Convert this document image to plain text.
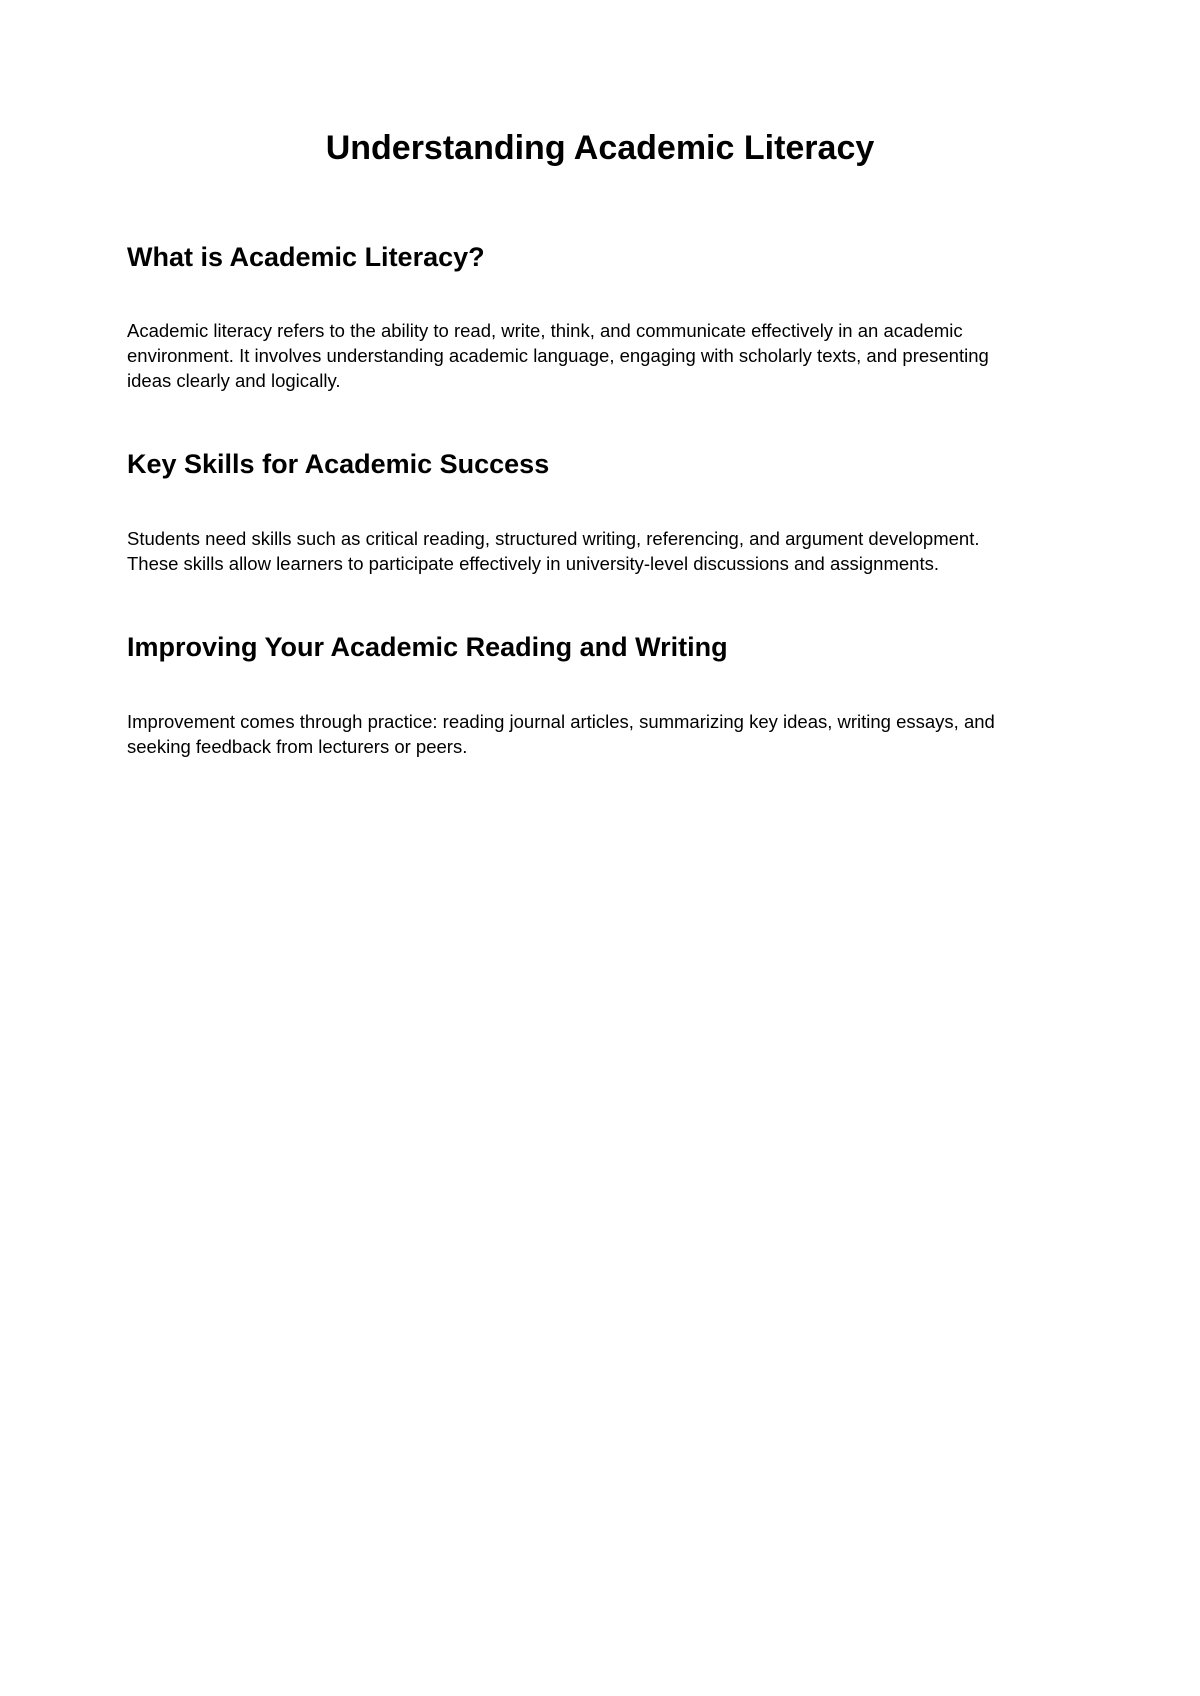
Understanding Academic Literacy
What is Academic Literacy?
Academic literacy refers to the ability to read, write, think, and communicate effectively in an academic
environment. It involves understanding academic language, engaging with scholarly texts, and presenting
ideas clearly and logically.
Key Skills for Academic Success
Students need skills such as critical reading, structured writing, referencing, and argument development.
These skills allow learners to participate effectively in university-level discussions and assignments.
Improving Your Academic Reading and Writing
Improvement comes through practice: reading journal articles, summarizing key ideas, writing essays, and
seeking feedback from lecturers or peers.
